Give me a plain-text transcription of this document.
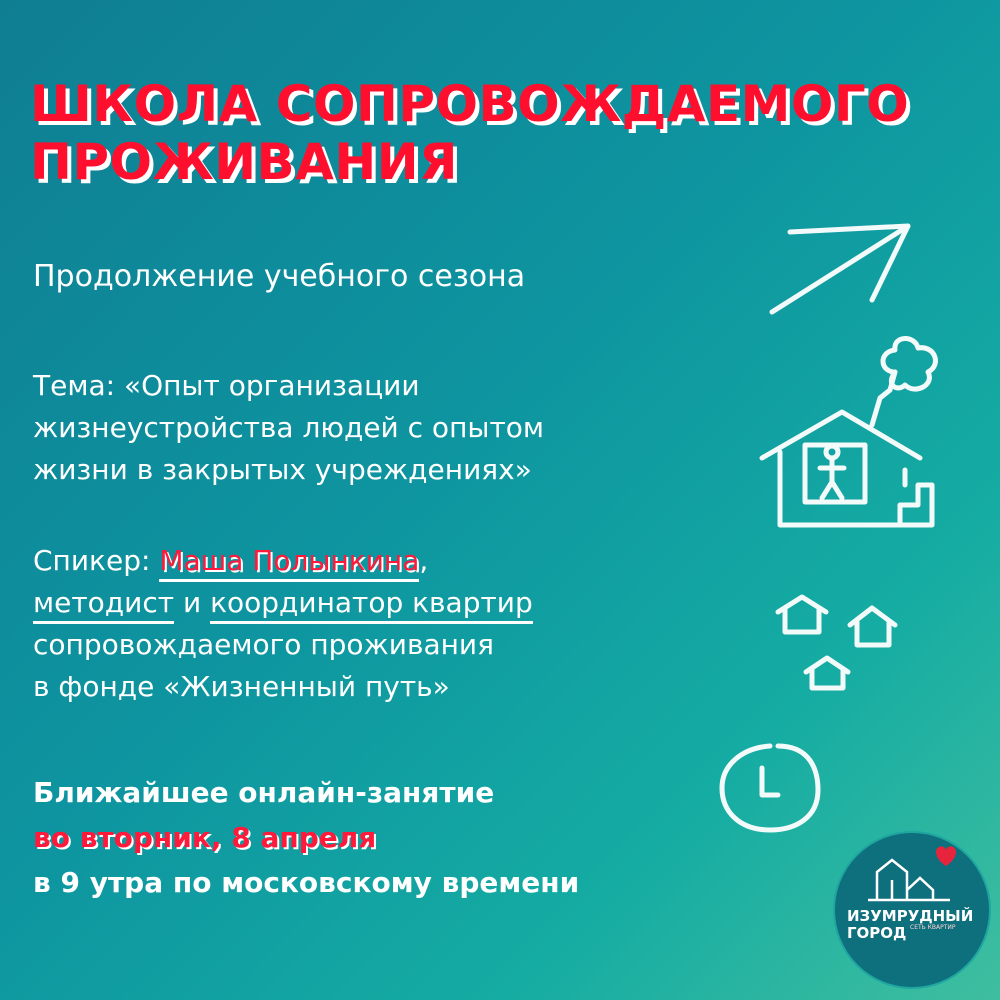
ШКОЛА СОПРОВОЖДАЕМОГО
ПРОЖИВАНИЯ
Продолжение учебного сезона
Тема: «Опыт организации
жизнеустройства людей с опытом
жизни в закрытых учреждениях»
Спикер: Маша Полынкина,
методист и координатор квартир
сопровождаемого проживания
в фонде «Жизненный путь»
Ближайшее онлайн-занятие
во вторник, 8 апреля
в 9 утра по московскому времени
ИЗУМРУДНЫЙ
ГОРОД СЕТЬ КВАРТИР
